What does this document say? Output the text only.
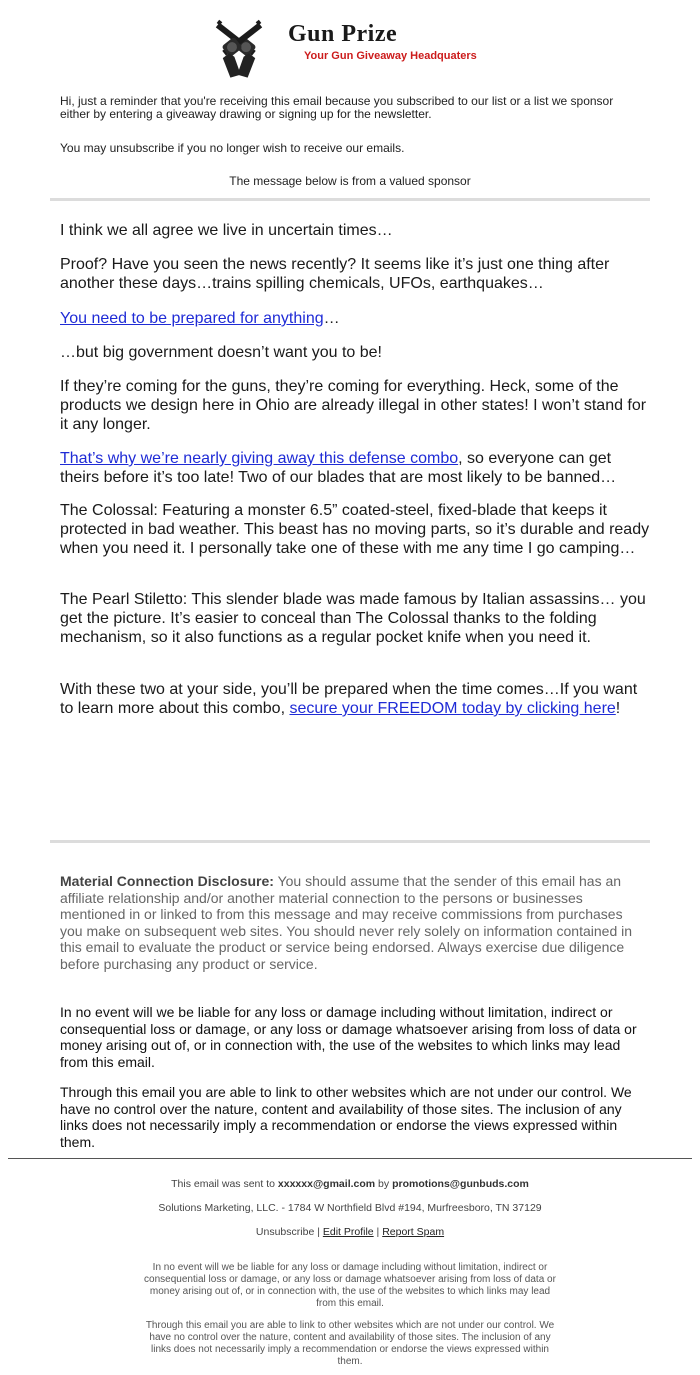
Gun Prize
Your Gun Giveaway Headquaters
Hi, just a reminder that you're receiving this email because you subscribed to our list or a list we sponsor either by entering a giveaway drawing or signing up for the newsletter.
You may unsubscribe if you no longer wish to receive our emails.
The message below is from a valued sponsor
I think we all agree we live in uncertain times…
Proof? Have you seen the news recently? It seems like it’s just one thing after another these days…trains spilling chemicals, UFOs, earthquakes…
You need to be prepared for anything…
…but big government doesn’t want you to be!
If they’re coming for the guns, they’re coming for everything. Heck, some of the products we design here in Ohio are already illegal in other states! I won’t stand for it any longer.
That’s why we’re nearly giving away this defense combo, so everyone can get theirs before it’s too late! Two of our blades that are most likely to be banned…
The Colossal: Featuring a monster 6.5” coated-steel, fixed-blade that keeps it protected in bad weather. This beast has no moving parts, so it’s durable and ready when you need it. I personally take one of these with me any time I go camping…
The Pearl Stiletto: This slender blade was made famous by Italian assassins… you get the picture. It’s easier to conceal than The Colossal thanks to the folding mechanism, so it also functions as a regular pocket knife when you need it.
With these two at your side, you’ll be prepared when the time comes…If you want to learn more about this combo, secure your FREEDOM today by clicking here!
Material Connection Disclosure: You should assume that the sender of this email has an affiliate relationship and/or another material connection to the persons or businesses mentioned in or linked to from this message and may receive commissions from purchases you make on subsequent web sites. You should never rely solely on information contained in this email to evaluate the product or service being endorsed. Always exercise due diligence before purchasing any product or service.
In no event will we be liable for any loss or damage including without limitation, indirect or consequential loss or damage, or any loss or damage whatsoever arising from loss of data or money arising out of, or in connection with, the use of the websites to which links may lead from this email.
Through this email you are able to link to other websites which are not under our control. We have no control over the nature, content and availability of those sites. The inclusion of any links does not necessarily imply a recommendation or endorse the views expressed within them.
This email was sent to xxxxxx@gmail.com by promotions@gunbuds.com
Solutions Marketing, LLC. - 1784 W Northfield Blvd #194, Murfreesboro, TN 37129
Unsubscribe | Edit Profile | Report Spam
In no event will we be liable for any loss or damage including without limitation, indirect or consequential loss or damage, or any loss or damage whatsoever arising from loss of data or money arising out of, or in connection with, the use of the websites to which links may lead from this email.
Through this email you are able to link to other websites which are not under our control. We have no control over the nature, content and availability of those sites. The inclusion of any links does not necessarily imply a recommendation or endorse the views expressed within them.
